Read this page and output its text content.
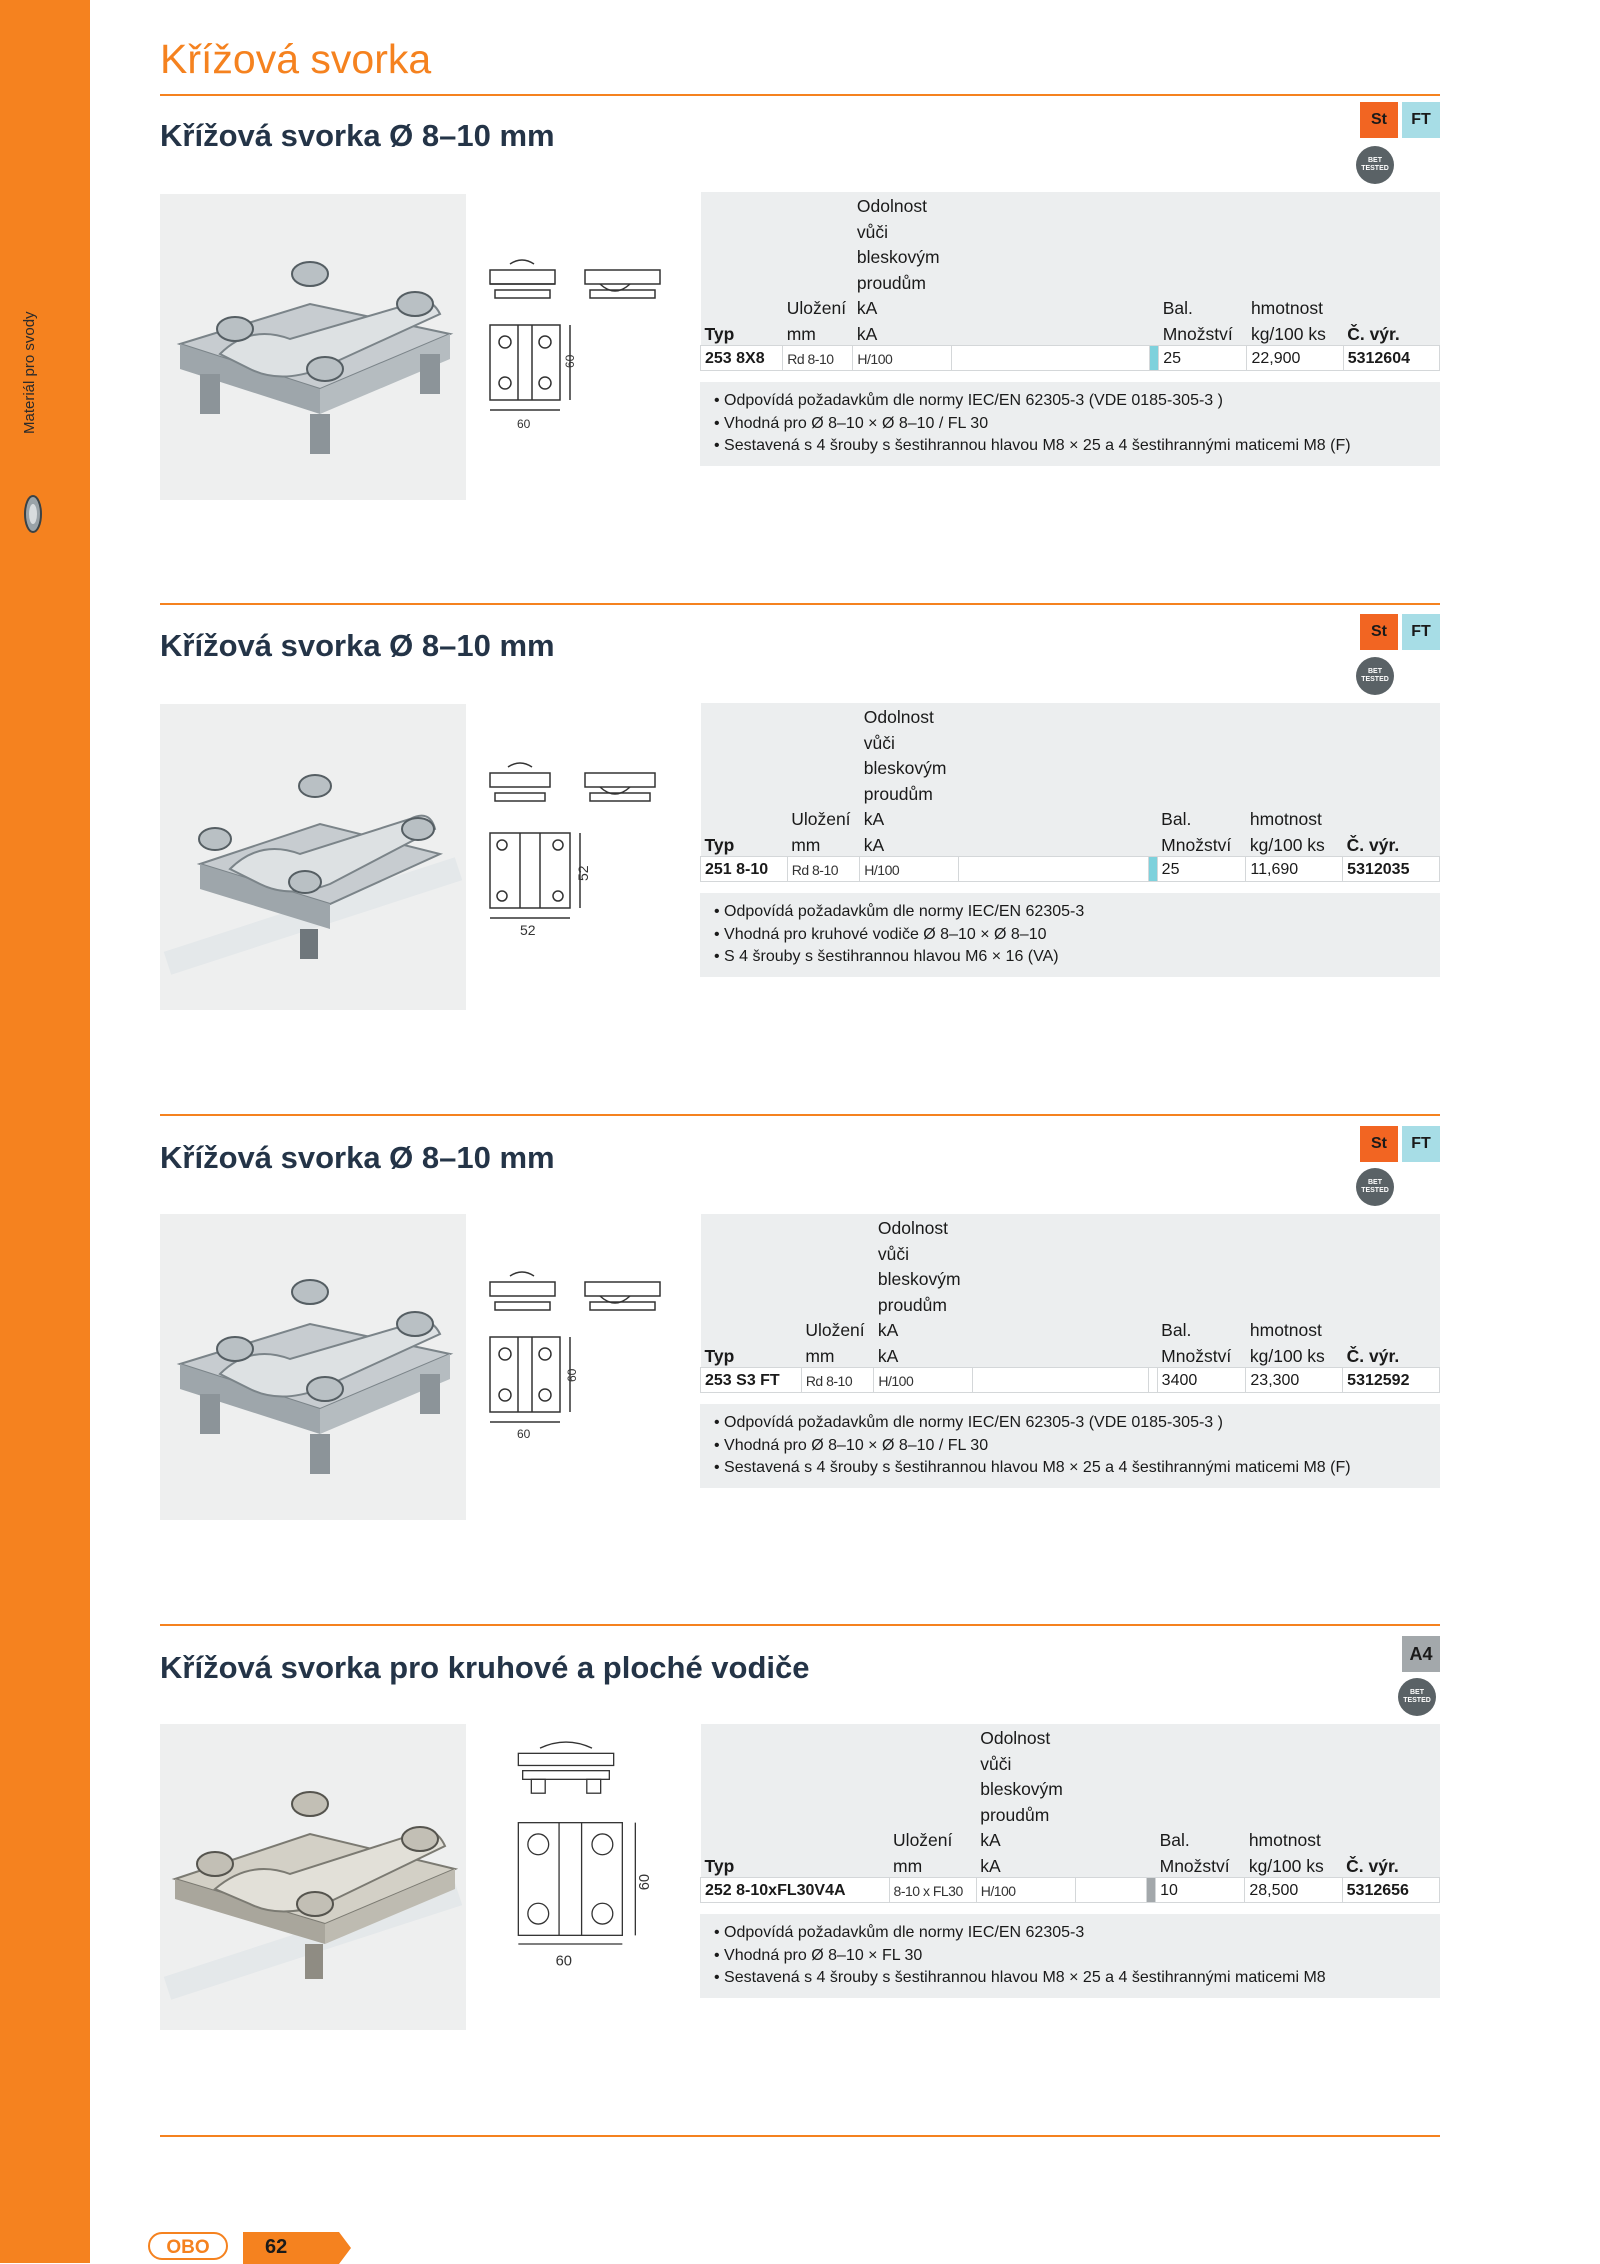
Materiál pro svody
Křížová svorka
Křížová svorka Ø 8–10 mm	St	FT
BET
TESTED
60
60
		Odolnost					
		vůči					
		bleskovým					
		proudům					
	Uložení	kA			Bal.	hmotnost	
Typ	mm	kA			Množství	kg/100 ks	Č. výr.
253 8X8	Rd 8-10	H/100			25	22,900	5312604
• Odpovídá požadavkům dle normy IEC/EN 62305-3 (VDE 0185-305-3 )
• Vhodná pro Ø 8–10 × Ø 8–10 / FL 30
• Sestavená s 4 šrouby s šestihrannou hlavou M8 × 25 a 4 šestihrannými maticemi M8 (F)
Křížová svorka Ø 8–10 mm	St	FT
BET
TESTED
52
52
		Odolnost					
		vůči					
		bleskovým					
		proudům					
	Uložení	kA			Bal.	hmotnost	
Typ	mm	kA			Množství	kg/100 ks	Č. výr.
251 8-10	Rd 8-10	H/100			25	11,690	5312035
• Odpovídá požadavkům dle normy IEC/EN 62305-3
• Vhodná pro kruhové vodiče Ø 8–10 × Ø 8–10
• S 4 šrouby s šestihrannou hlavou M6 × 16 (VA)
Křížová svorka Ø 8–10 mm	St	FT
BET
TESTED
60
60
		Odolnost					
		vůči					
		bleskovým					
		proudům					
	Uložení	kA			Bal.	hmotnost	
Typ	mm	kA			Množství	kg/100 ks	Č. výr.
253 S3 FT	Rd 8-10	H/100			3400	23,300	5312592
• Odpovídá požadavkům dle normy IEC/EN 62305-3 (VDE 0185-305-3 )
• Vhodná pro Ø 8–10 × Ø 8–10 / FL 30
• Sestavená s 4 šrouby s šestihrannou hlavou M8 × 25 a 4 šestihrannými maticemi M8 (F)
Křížová svorka pro kruhové a ploché vodiče	A4
BET
TESTED
60
60
		Odolnost					
		vůči					
		bleskovým					
		proudům					
	Uložení	kA			Bal.	hmotnost	
Typ	mm	kA			Množství	kg/100 ks	Č. výr.
252 8-10xFL30V4A	8-10 x FL30	H/100			10	28,500	5312656
• Odpovídá požadavkům dle normy IEC/EN 62305-3
• Vhodná pro Ø 8–10 × FL 30
• Sestavená s 4 šrouby s šestihrannou hlavou M8 × 25 a 4 šestihrannými maticemi M8
OBO	62
